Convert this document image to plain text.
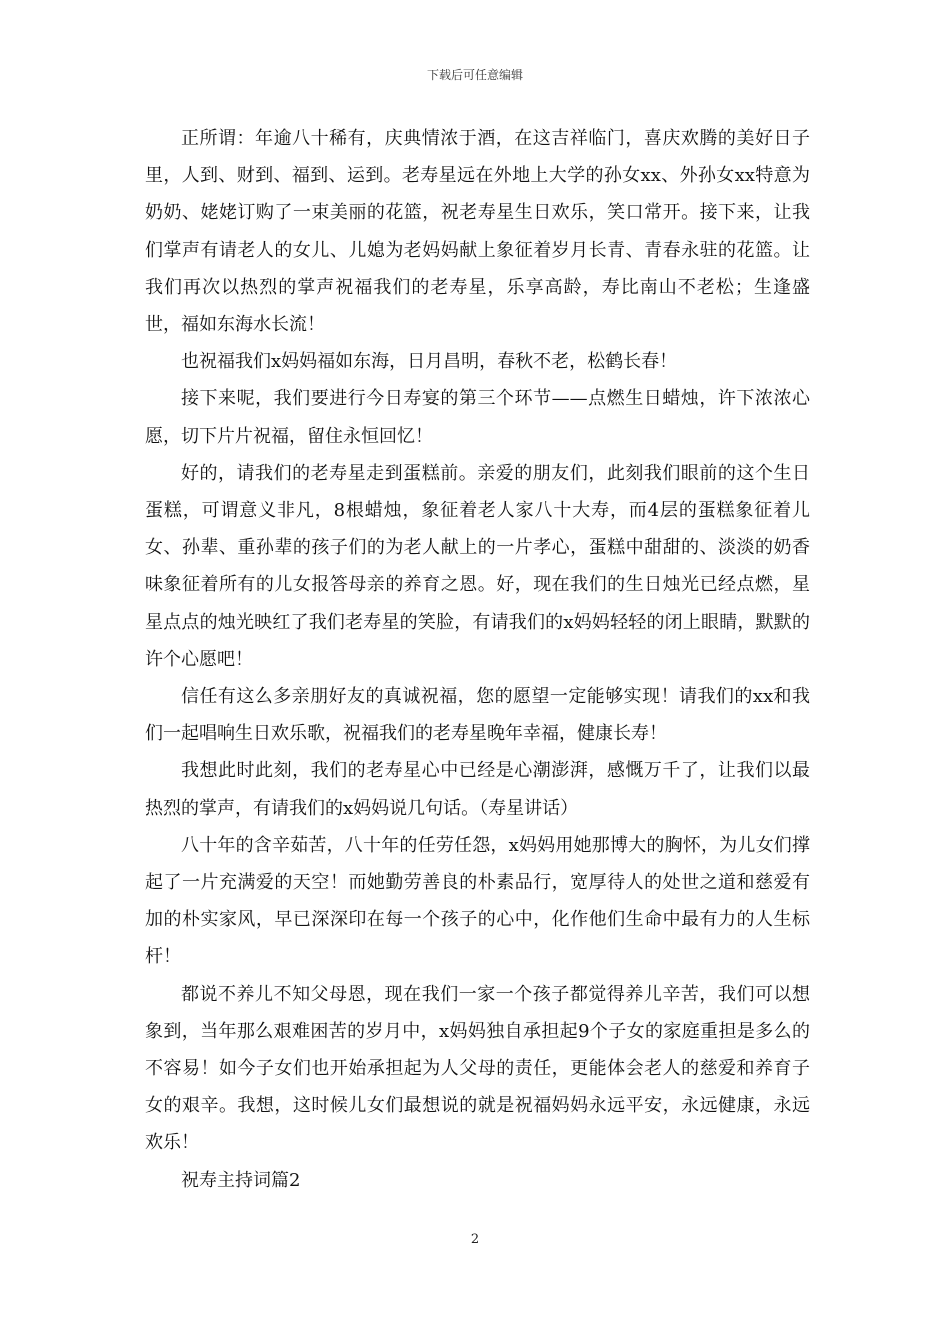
下载后可任意编辑

正所谓：年逾八十稀有，庆典情浓于酒，在这吉祥临门，喜庆欢腾的美好日子里，人到、财到、福到、运到。老寿星远在外地上大学的孙女xx、外孙女xx特意为奶奶、姥姥订购了一束美丽的花篮，祝老寿星生日欢乐，笑口常开。接下来，让我们掌声有请老人的女儿、儿媳为老妈妈献上象征着岁月长青、青春永驻的花篮。让我们再次以热烈的掌声祝福我们的老寿星，乐享高龄，寿比南山不老松；生逢盛世，福如东海水长流！

也祝福我们x妈妈福如东海，日月昌明，春秋不老，松鹤长春！

接下来呢，我们要进行今日寿宴的第三个环节——点燃生日蜡烛，许下浓浓心愿，切下片片祝福，留住永恒回忆！

好的，请我们的老寿星走到蛋糕前。亲爱的朋友们，此刻我们眼前的这个生日蛋糕，可谓意义非凡，8根蜡烛，象征着老人家八十大寿，而4层的蛋糕象征着儿女、孙辈、重孙辈的孩子们的为老人献上的一片孝心，蛋糕中甜甜的、淡淡的奶香味象征着所有的儿女报答母亲的养育之恩。好，现在我们的生日烛光已经点燃，星星点点的烛光映红了我们老寿星的笑脸，有请我们的x妈妈轻轻的闭上眼睛，默默的许个心愿吧！

信任有这么多亲朋好友的真诚祝福，您的愿望一定能够实现！请我们的xx和我们一起唱响生日欢乐歌，祝福我们的老寿星晚年幸福，健康长寿！

我想此时此刻，我们的老寿星心中已经是心潮澎湃，感慨万千了，让我们以最热烈的掌声，有请我们的x妈妈说几句话。（寿星讲话）

八十年的含辛茹苦，八十年的任劳任怨，x妈妈用她那博大的胸怀，为儿女们撑起了一片充满爱的天空！而她勤劳善良的朴素品行，宽厚待人的处世之道和慈爱有加的朴实家风，早已深深印在每一个孩子的心中，化作他们生命中最有力的人生标杆！

都说不养儿不知父母恩，现在我们一家一个孩子都觉得养儿辛苦，我们可以想象到，当年那么艰难困苦的岁月中，x妈妈独自承担起9个子女的家庭重担是多么的不容易！如今子女们也开始承担起为人父母的责任，更能体会老人的慈爱和养育子女的艰辛。我想，这时候儿女们最想说的就是祝福妈妈永远平安，永远健康，永远欢乐！

祝寿主持词篇2

2
